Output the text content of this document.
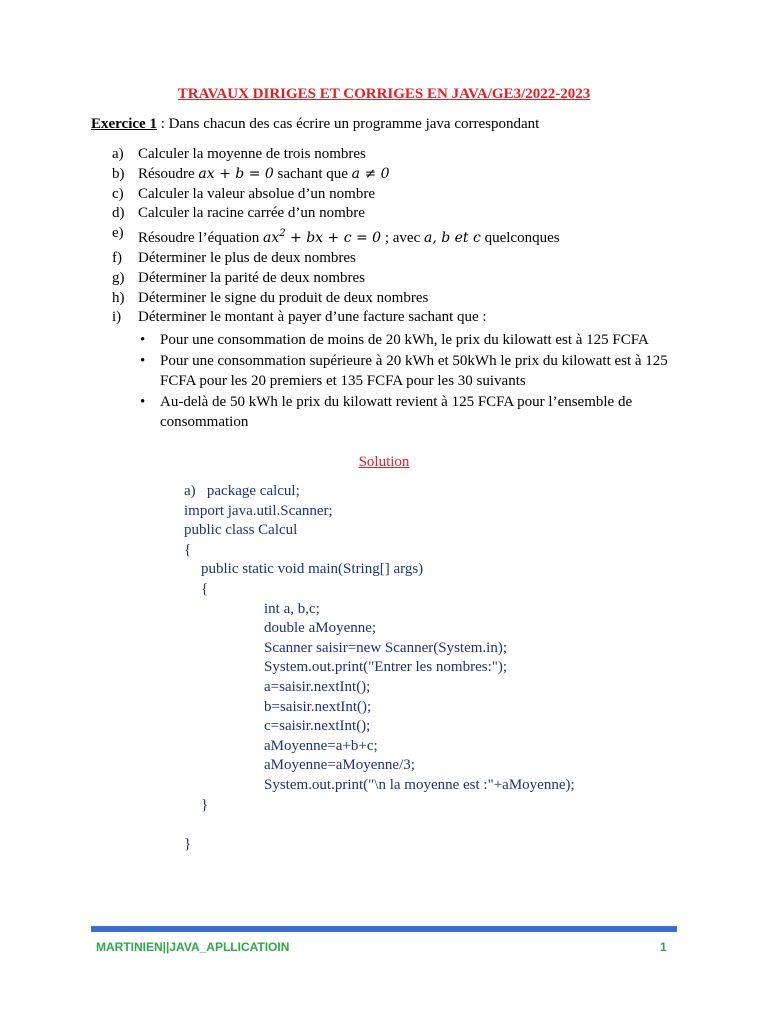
TRAVAUX DIRIGES ET CORRIGES EN JAVA/GE3/2022-2023

Exercice 1 : Dans chacun des cas écrire un programme java correspondant

a) Calculer la moyenne de trois nombres
b) Résoudre ax + b = 0 sachant que a ≠ 0
c) Calculer la valeur absolue d’un nombre
d) Calculer la racine carrée d’un nombre
e) Résoudre l’équation $ax^2$ + bx + c = 0 ; avec a, b et c quelconques
f) Déterminer le plus de deux nombres
g) Déterminer la parité de deux nombres
h) Déterminer le signe du produit de deux nombres
i) Déterminer le montant à payer d’une facture sachant que :
• Pour une consommation de moins de 20 kWh, le prix du kilowatt est à 125 FCFA
• Pour une consommation supérieure à 20 kWh et 50kWh le prix du kilowatt est à 125 FCFA pour les 20 premiers et 135 FCFA pour les 30 suivants
• Au-delà de 50 kWh le prix du kilowatt revient à 125 FCFA pour l’ensemble de consommation

Solution

a)   package calcul;
import java.util.Scanner;
public class Calcul
{
public static void main(String[] args)
{
int a, b,c;
double aMoyenne;
Scanner saisir=new Scanner(System.in);
System.out.print("Entrer les nombres:");
a=saisir.nextInt();
b=saisir.nextInt();
c=saisir.nextInt();
aMoyenne=a+b+c;
aMoyenne=aMoyenne/3;
System.out.print("\n la moyenne est :"+aMoyenne);
}
}
MARTINIEN||JAVA_APLLICATIOIN	1
